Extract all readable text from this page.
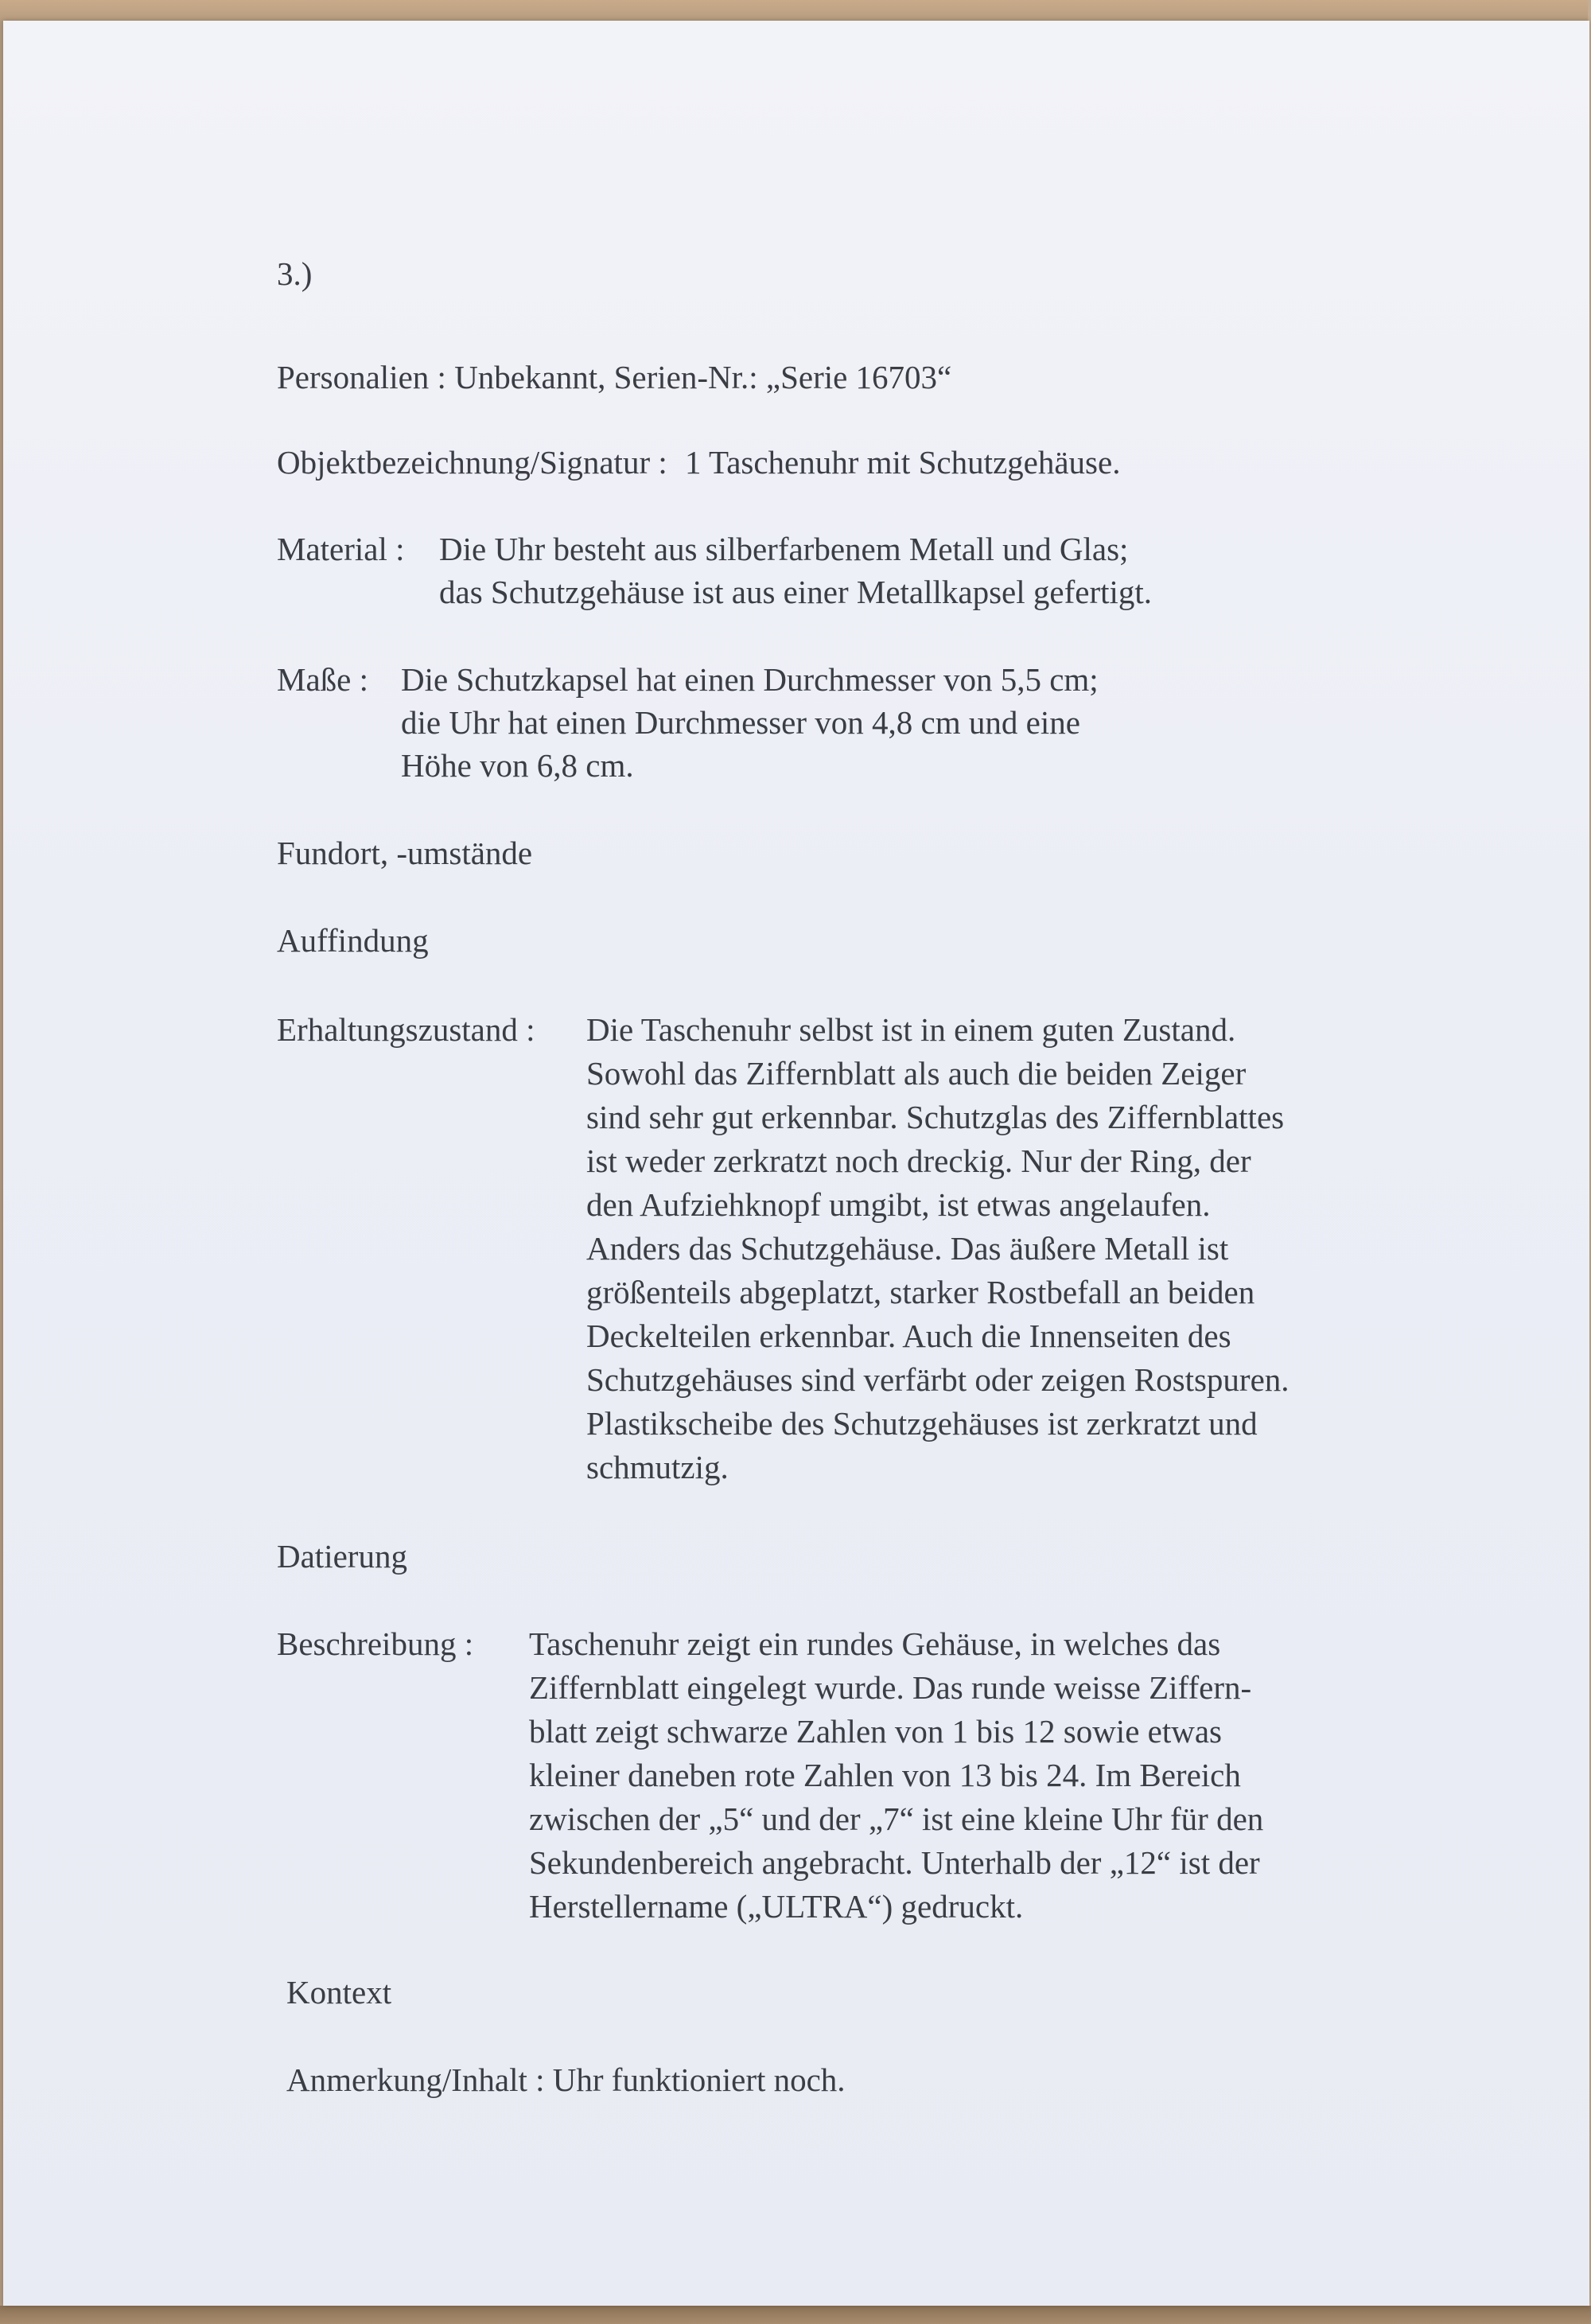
3.)

Personalien : Unbekannt, Serien-Nr.: „Serie 16703“

Objektbezeichnung/Signatur : 1 Taschenuhr mit Schutzgehäuse.

Material : Die Uhr besteht aus silberfarbenem Metall und Glas;

das Schutzgehäuse ist aus einer Metallkapsel gefertigt.

Maße : Die Schutzkapsel hat einen Durchmesser von 5,5 cm;

die Uhr hat einen Durchmesser von 4,8 cm und eine

Höhe von 6,8 cm.

Fundort, -umstände

Auffindung

Erhaltungszustand : Die Taschenuhr selbst ist in einem guten Zustand.

Sowohl das Ziffernblatt als auch die beiden Zeiger

sind sehr gut erkennbar. Schutzglas des Ziffernblattes

ist weder zerkratzt noch dreckig. Nur der Ring, der

den Aufziehknopf umgibt, ist etwas angelaufen.

Anders das Schutzgehäuse. Das äußere Metall ist

größenteils abgeplatzt, starker Rostbefall an beiden

Deckelteilen erkennbar. Auch die Innenseiten des

Schutzgehäuses sind verfärbt oder zeigen Rostspuren.

Plastikscheibe des Schutzgehäuses ist zerkratzt und

schmutzig.

Datierung

Beschreibung : Taschenuhr zeigt ein rundes Gehäuse, in welches das

Ziffernblatt eingelegt wurde. Das runde weisse Ziffern-

blatt zeigt schwarze Zahlen von 1 bis 12 sowie etwas

kleiner daneben rote Zahlen von 13 bis 24. Im Bereich

zwischen der „5“ und der „7“ ist eine kleine Uhr für den

Sekundenbereich angebracht. Unterhalb der „12“ ist der

Herstellername („ULTRA“) gedruckt.

Kontext

Anmerkung/Inhalt : Uhr funktioniert noch.
